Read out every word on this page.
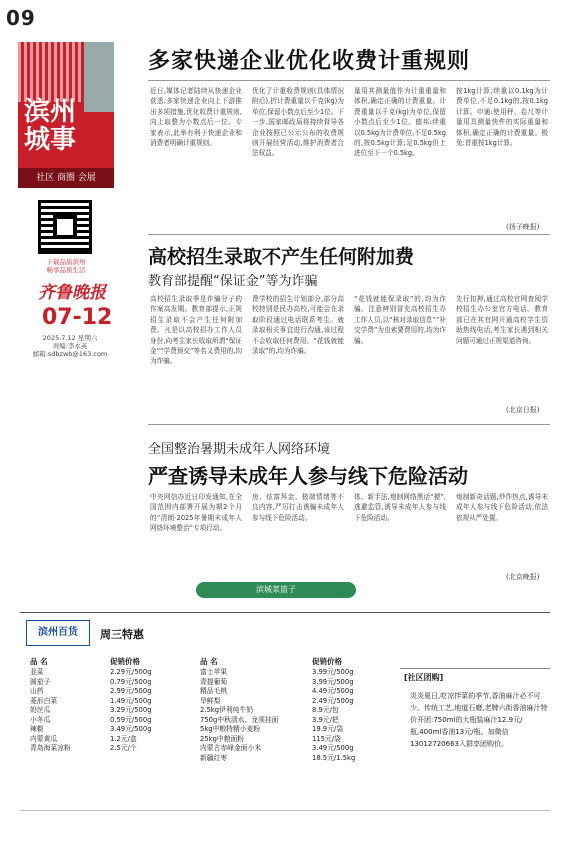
09
滨州城事
社区 商圈 会展
下载品质滨州
畅享品质生活
齐鲁晚报
07-12
2025.7.12 星期六
责编:李永英
邮箱:sdbzwb@163.com
多家快递企业优化收费计重规则
近日,媒体记者陆续从快递企业获悉,多家快递企业向上下游推出多项措施,优化收费计重规则,向上取整为小数点后一位。专家表示,此举有利于快递企业和消费者明确计重规则。
优化了计重收费规则(具体情况附后),折计费重量以千克(kg)为单位,保留小数点后至少1位。下一步,国家邮政局将持续督导各企业按照已公示公布的收费规则开展经营活动,维护消费者合法权益。
量用其测量值作为计重重量和体积,确定正确的计费重量。计费重量以千克(kg)为单位,保留小数点后至少1位。德邦:续重以0.5kg为计费单位,不足0.5kg的,按0.5kg计算;足0.5kg但上进位至下一个0.5kg。
按1kg计算;续重以0.1kg为计费单位,不足0.1kg的,按0.1kg计算。申通:使用秤、卷尺等计量用具测量快件的实际重量和体积,确定正确的计费重量。极兔:首重按1kg计算。
(扬子晚报)
高校招生录取不产生任何附加费
教育部提醒“保证金”等为诈骗
高校招生录取季是诈骗分子的作案高发期。教育部提示,正规招生录取不会产生任何附加费。凡是以高校招办工作人员身份,向考生家长收取所谓“保证金”“学费预交”等名义费用的,均为诈骗。
费学校的招生计划部分,部分高校特别是民办高校,可能会在录取阶段通过电话联系考生。就录取相关事宜进行沟通,该过程不会收取任何费用。“花钱就能录取”的,均为诈骗。
“花钱就能保录取”的,均为诈骗。注意辨别冒充高校招生办工作人员,以“核对录取信息”“补交学费”为由索要费用的,均为诈骗。
先行扣押,通过高校官网查阅学校招生办公室官方电话。教育部已在其官网开通高校学生资助热线电话,考生家长遇到相关问题可通过正规渠道咨询。
(北京日报)
全国整治暑期未成年人网络环境
严查诱导未成年人参与线下危险活动
中央网信办近日印发通知,在全国范围内部署开展为期2个月的“清朗·2025年暑期未成年人网络环境整治”专项行动。
房、炫富拜金、极端情绪等不良内容,严厉打击诱骗未成年人参与线下危险活动。
体、新手法,炮制网络黑话“梗”,逃避监管,诱导未成年人参与线下危险活动。
炮制新奇话题,炒作热点,诱导未成年人参与线下危险活动,依法依规从严处置。
(北京晚报)
滨城菜篮子
滨州百货	周三特惠
品 名
韭菜
圆茄子
山药
菱形白菜
奶丝瓜
小冬瓜
辣椒
内蒙黄瓜
青岛海菜凉粉
促销价格
2.29元/500g
0.79元/500g
2.99元/500g
1.49元/500g
3.29元/500g
0.59元/500g
3.49元/500g
1.2元/盒
2.5元/个
品 名
富士苹果
青提葡萄
精品毛桃
旱鲜梨
2.5kg伊利纯牛奶
750g中秋清水、龙须挂面
5kg中粮特精小麦粉
25kg中粮面粉
内蒙古赤峰金面小米
新疆红枣
促销价格
3.99元/500g
3.99元/500g
4.49元/500g
2.49元/500g
8.9元/包
3.9元/把
19.9元/袋
115元/袋
3.49元/500g
18.5元/1.5kg
[社区团购]
炎炎夏日,吃凉拌菜的季节,香油麻汁必不可少。传统工艺,地道石磨,老牌六街香油麻汁特价开团:750ml的大瓶装麻汁12.9元/瓶,400ml香油13元/瓶。加微信13012720663入群享团购价。
